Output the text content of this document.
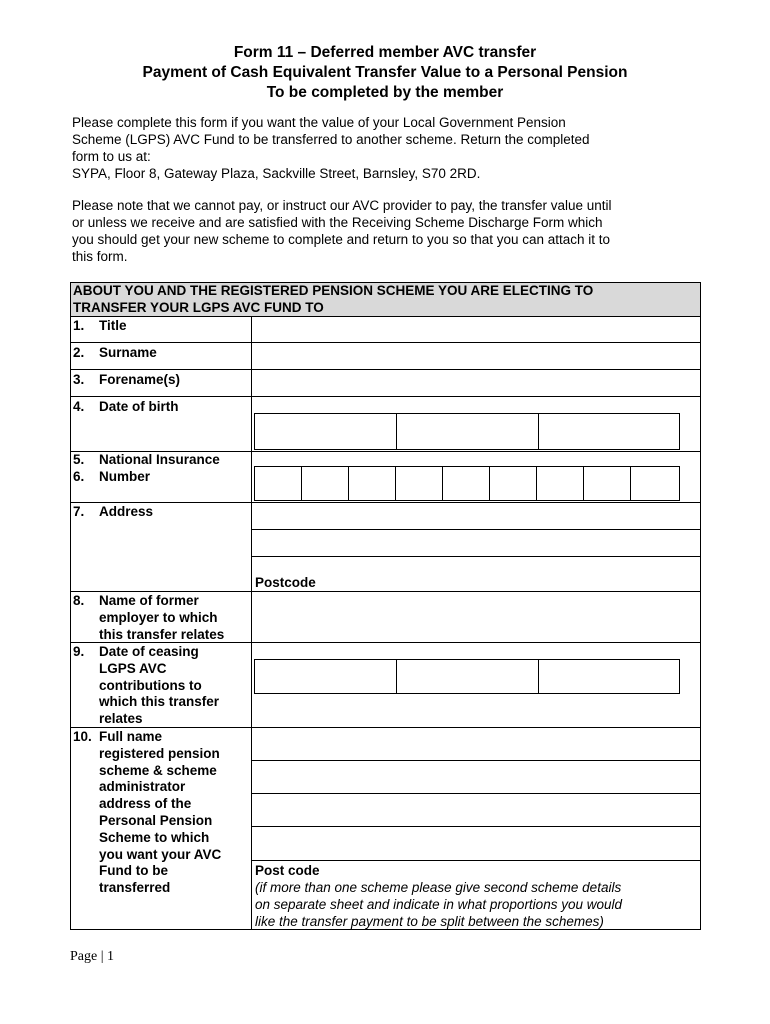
Form 11 – Deferred member AVC transfer
Payment of Cash Equivalent Transfer Value to a Personal Pension
To be completed by the member
Please complete this form if you want the value of your Local Government Pension
Scheme (LGPS) AVC Fund to be transferred to another scheme. Return the completed
form to us at:
SYPA, Floor 8, Gateway Plaza, Sackville Street, Barnsley, S70 2RD.
Please note that we cannot pay, or instruct our AVC provider to pay, the transfer value until
or unless we receive and are satisfied with the Receiving Scheme Discharge Form which
you should get your new scheme to complete and return to you so that you can attach it to
this form.
ABOUT YOU AND THE REGISTERED PENSION SCHEME YOU ARE ELECTING TO
TRANSFER YOUR LGPS AVC FUND TO
1. Title
2. Surname
3. Forename(s)
4. Date of birth
5. National Insurance
6. Number
7. Address
Postcode
8. Name of former
employer to which
this transfer relates
9. Date of ceasing
LGPS AVC
contributions to
which this transfer
relates
10. Full name
registered pension
scheme & scheme
administrator
address of the
Personal Pension
Scheme to which
you want your AVC
Fund to be
transferred
Post code
(if more than one scheme please give second scheme details
on separate sheet and indicate in what proportions you would
like the transfer payment to be split between the schemes)
Page | 1
